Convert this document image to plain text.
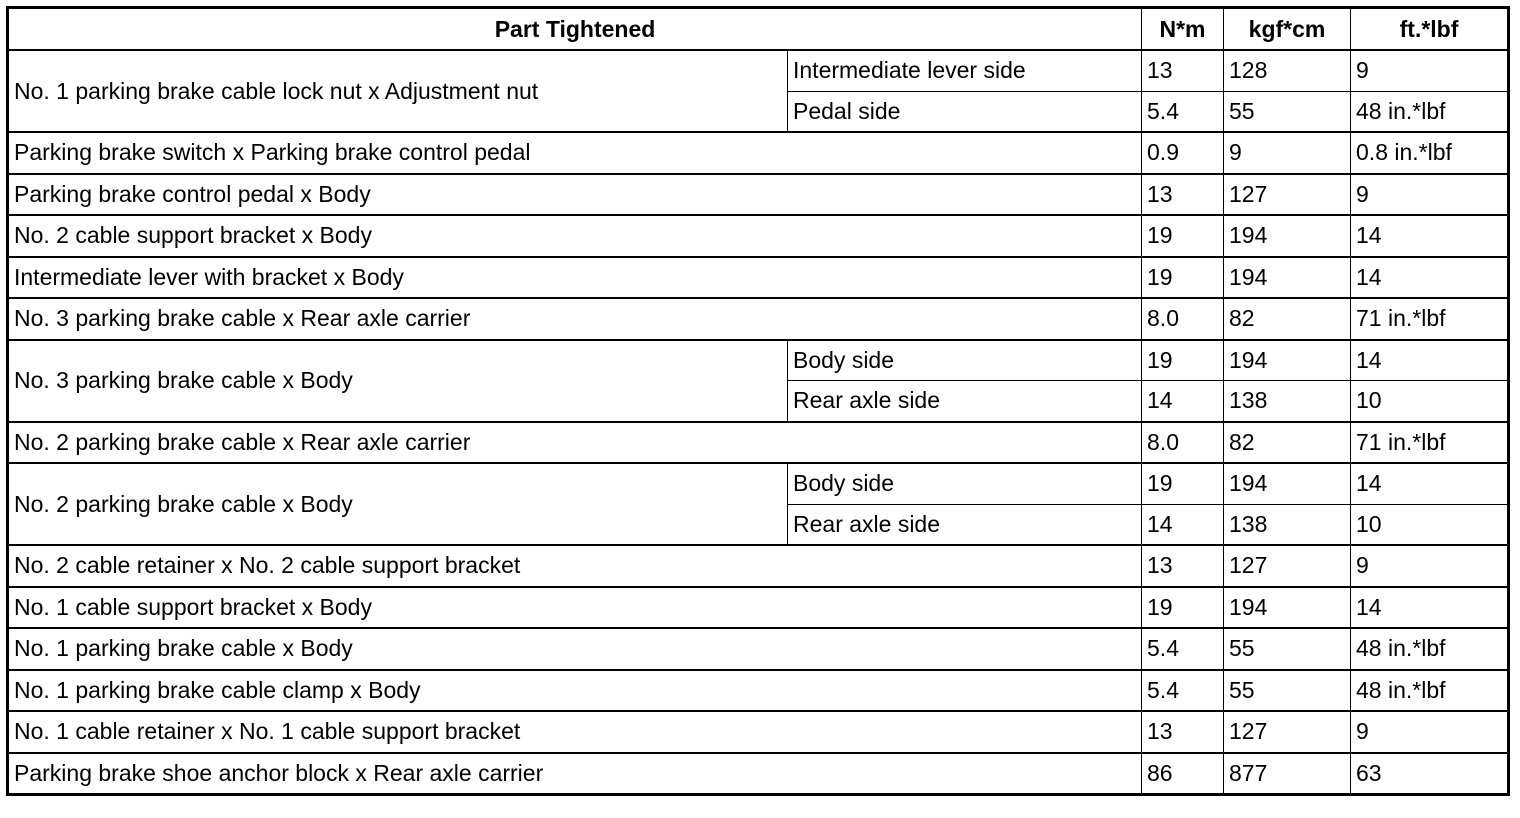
Part Tightened		N*m	kgf*cm	ft.*lbf
No. 1 parking brake cable lock nut x Adjustment nut	Intermediate lever side	13	128	9
	Pedal side	5.4	55	48 in.*lbf
Parking brake switch x Parking brake control pedal		0.9	9	0.8 in.*lbf
Parking brake control pedal x Body		13	127	9
No. 2 cable support bracket x Body		19	194	14
Intermediate lever with bracket x Body		19	194	14
No. 3 parking brake cable x Rear axle carrier		8.0	82	71 in.*lbf
No. 3 parking brake cable x Body	Body side	19	194	14
	Rear axle side	14	138	10
No. 2 parking brake cable x Rear axle carrier		8.0	82	71 in.*lbf
No. 2 parking brake cable x Body	Body side	19	194	14
	Rear axle side	14	138	10
No. 2 cable retainer x No. 2 cable support bracket		13	127	9
No. 1 cable support bracket x Body		19	194	14
No. 1 parking brake cable x Body		5.4	55	48 in.*lbf
No. 1 parking brake cable clamp x Body		5.4	55	48 in.*lbf
No. 1 cable retainer x No. 1 cable support bracket		13	127	9
Parking brake shoe anchor block x Rear axle carrier		86	877	63
